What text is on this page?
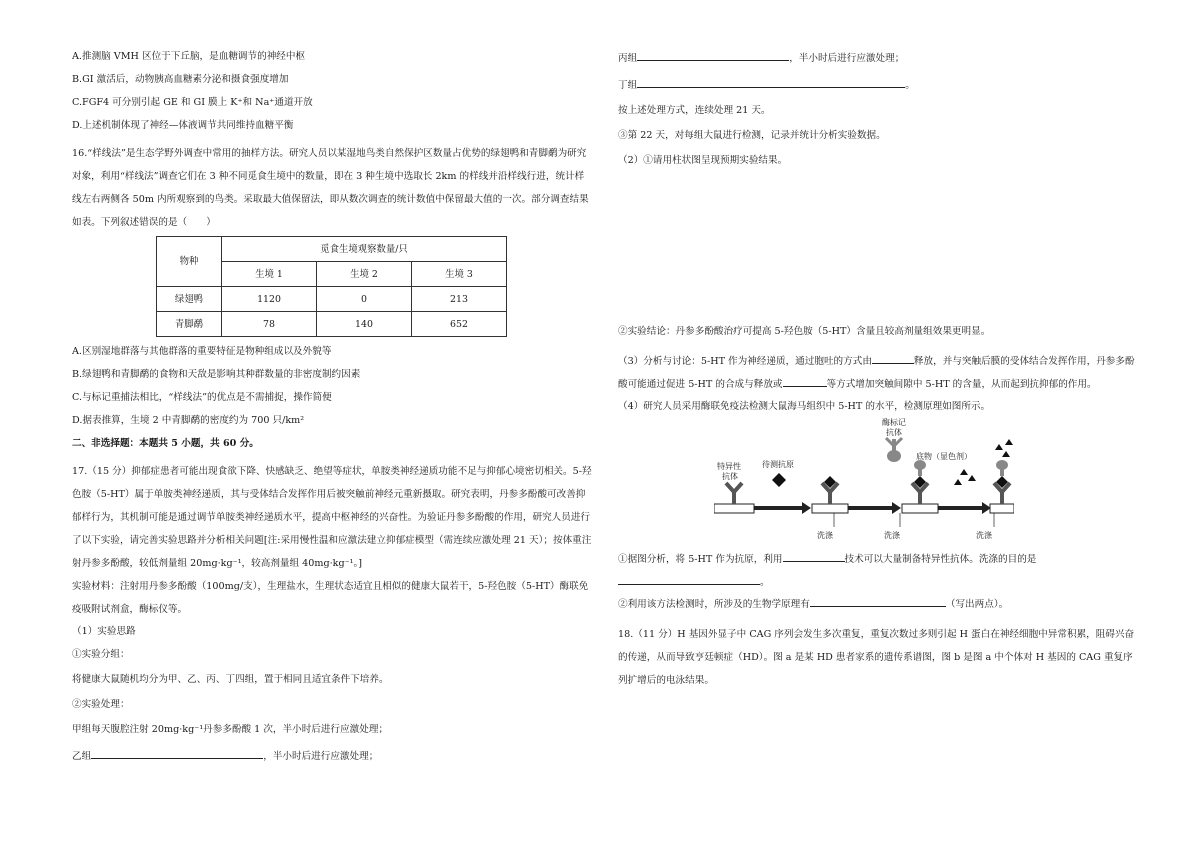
A.推测脑 VMH 区位于下丘脑，是血糖调节的神经中枢

B.GI 激活后，动物胰高血糖素分泌和摄食强度增加

C.FGF4 可分别引起 GE 和 GI 膜上 K⁺和 Na⁺通道开放

D.上述机制体现了神经—体液调节共同维持血糖平衡

16.“样线法”是生态学野外调查中常用的抽样方法。研究人员以某湿地鸟类自然保护区数量占优势的绿翅鸭和青脚鹬为研究对象，利用“样线法”调查它们在 3 种不同觅食生境中的数量，即在 3 种生境中选取长 2km 的样线并沿样线行进，统计样线左右两侧各 50m 内所观察到的鸟类。采取最大值保留法，即从数次调查的统计数值中保留最大值的一次。部分调查结果如表。下列叙述错误的是（　　）

物种	觅食生境观察数量/只		
	生境 1	生境 2	生境 3
绿翅鸭	1120	0	213
青脚鹬	78	140	652

A.区别湿地群落与其他群落的重要特征是物种组成以及外貌等

B.绿翅鸭和青脚鹬的食物和天敌是影响其种群数量的非密度制约因素

C.与标记重捕法相比，“样线法”的优点是不需捕捉，操作简便

D.据表推算，生境 2 中青脚鹬的密度约为 700 只/km²

二、非选择题：本题共 5 小题，共 60 分。

17.（15 分）抑郁症患者可能出现食欲下降、快感缺乏、绝望等症状，单胺类神经递质功能不足与抑郁心境密切相关。5-羟色胺（5-HT）属于单胺类神经递质，其与受体结合发挥作用后被突触前神经元重新摄取。研究表明，丹参多酚酸可改善抑郁样行为，其机制可能是通过调节单胺类神经递质水平，提高中枢神经的兴奋性。为验证丹参多酚酸的作用，研究人员进行了以下实验，请完善实验思路并分析相关问题[注:采用慢性温和应激法建立抑郁症模型（需连续应激处理 21 天）；按体重注射丹参多酚酸，较低剂量组 20mg·kg⁻¹，较高剂量组 40mg·kg⁻¹。]

实验材料：注射用丹参多酚酸（100mg/支），生理盐水，生理状态适宜且相似的健康大鼠若干，5-羟色胺（5-HT）酶联免疫吸附试剂盒，酶标仪等。

（1）实验思路

①实验分组：

将健康大鼠随机均分为甲、乙、丙、丁四组，置于相同且适宜条件下培养。

②实验处理：

甲组每天腹腔注射 20mg·kg⁻¹丹参多酚酸 1 次，半小时后进行应激处理；

乙组	，半小时后进行应激处理；

丙组	，半小时后进行应激处理；

丁组	。

按上述处理方式，连续处理 21 天。

③第 22 天，对每组大鼠进行检测，记录并统计分析实验数据。

（2）①请用柱状图呈现预期实验结果。

②实验结论：丹参多酚酸治疗可提高 5-羟色胺（5-HT）含量且较高剂量组效果更明显。

（3）分析与讨论：5-HT 作为神经递质，通过胞吐的方式由	释放，并与突触后膜的受体结合发挥作用，丹参多酚酸可能通过促进 5-HT 的合成与释放或	等方式增加突触间隙中 5-HT 的含量，从而起到抗抑郁的作用。

（4）研究人员采用酶联免疫法检测大鼠海马组织中 5-HT 的水平，检测原理如图所示。

特异性
抗体
待测抗原
洗涤
酶标记
抗体
洗涤
底物（显色剂）
洗涤

①据图分析，将 5-HT 作为抗原，利用	技术可以大量制备特异性抗体。洗涤的目的是
。

②利用该方法检测时，所涉及的生物学原理有	（写出两点）。

18.（11 分）H 基因外显子中 CAG 序列会发生多次重复，重复次数过多则引起 H 蛋白在神经细胞中异常积累，阻碍兴奋的传递，从而导致亨廷顿症（HD）。图 a 是某 HD 患者家系的遗传系谱图，图 b 是图 a 中个体对 H 基因的 CAG 重复序列扩增后的电泳结果。
